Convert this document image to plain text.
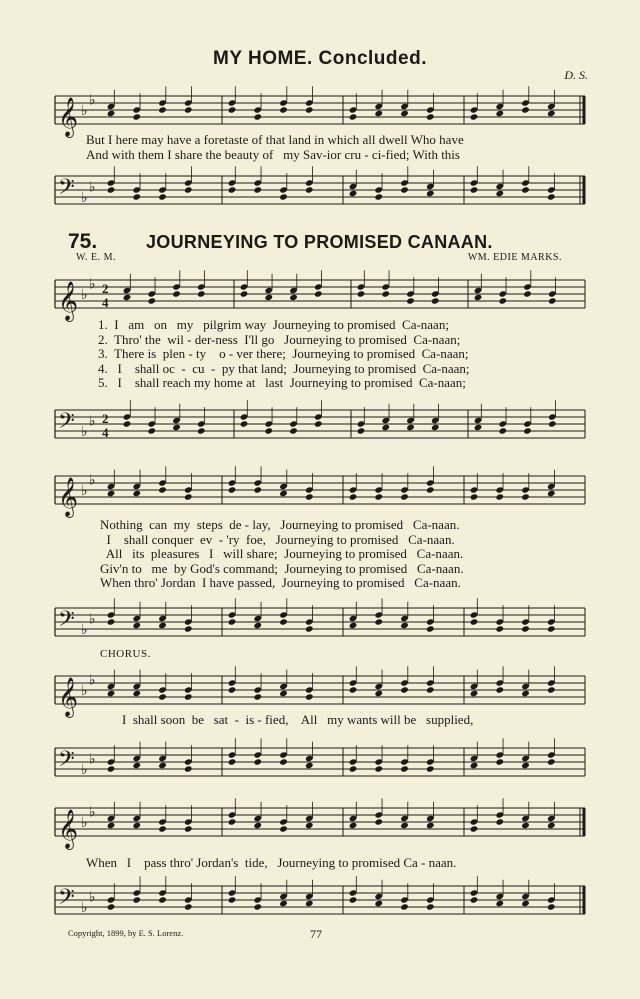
MY HOME. Concluded.
D. S.
𝄞 ♭
♭
But I here may have a foretaste of that land in which all dwell Who have
And with them I share the beauty of   my Sav-ior cru - ci-fied; With this
𝄢 ♭
♭
75.	JOURNEYING TO PROMISED CANAAN.
W. E. M.	WM. EDIE MARKS.
𝄞 ♭
♭ 2
4
1.  I   am   on   my   pilgrim way  Journeying to promised  Ca-naan;
2.  Thro' the  wil - der-ness  I'll go   Journeying to promised  Ca-naan;
3.  There is  plen - ty    o - ver there;  Journeying to promised  Ca-naan;
4.   I    shall oc  -  cu  -  py that land;  Journeying to promised  Ca-naan;
5.   I    shall reach my home at   last  Journeying to promised  Ca-naan;
𝄢 ♭
♭ 2
4
𝄞 ♭
♭
Nothing  can  my  steps  de - lay,   Journeying to promised   Ca-naan.
I    shall conquer  ev  - 'ry  foe,   Journeying to promised   Ca-naan.
All   its  pleasures   I   will share;  Journeying to promised   Ca-naan.
Giv'n to   me  by God's command;  Journeying to promised   Ca-naan.
When thro' Jordan  I have passed,  Journeying to promised   Ca-naan.
𝄢 ♭
♭
CHORUS.
𝄞 ♭
♭
I  shall soon  be   sat  -  is - fied,    All   my wants will be   supplied,
𝄢 ♭
♭
𝄞 ♭
♭
When   I    pass thro' Jordan's  tide,   Journeying to promised Ca - naan.
𝄢 ♭
♭
Copyright, 1899, by E. S. Lorenz.	77
